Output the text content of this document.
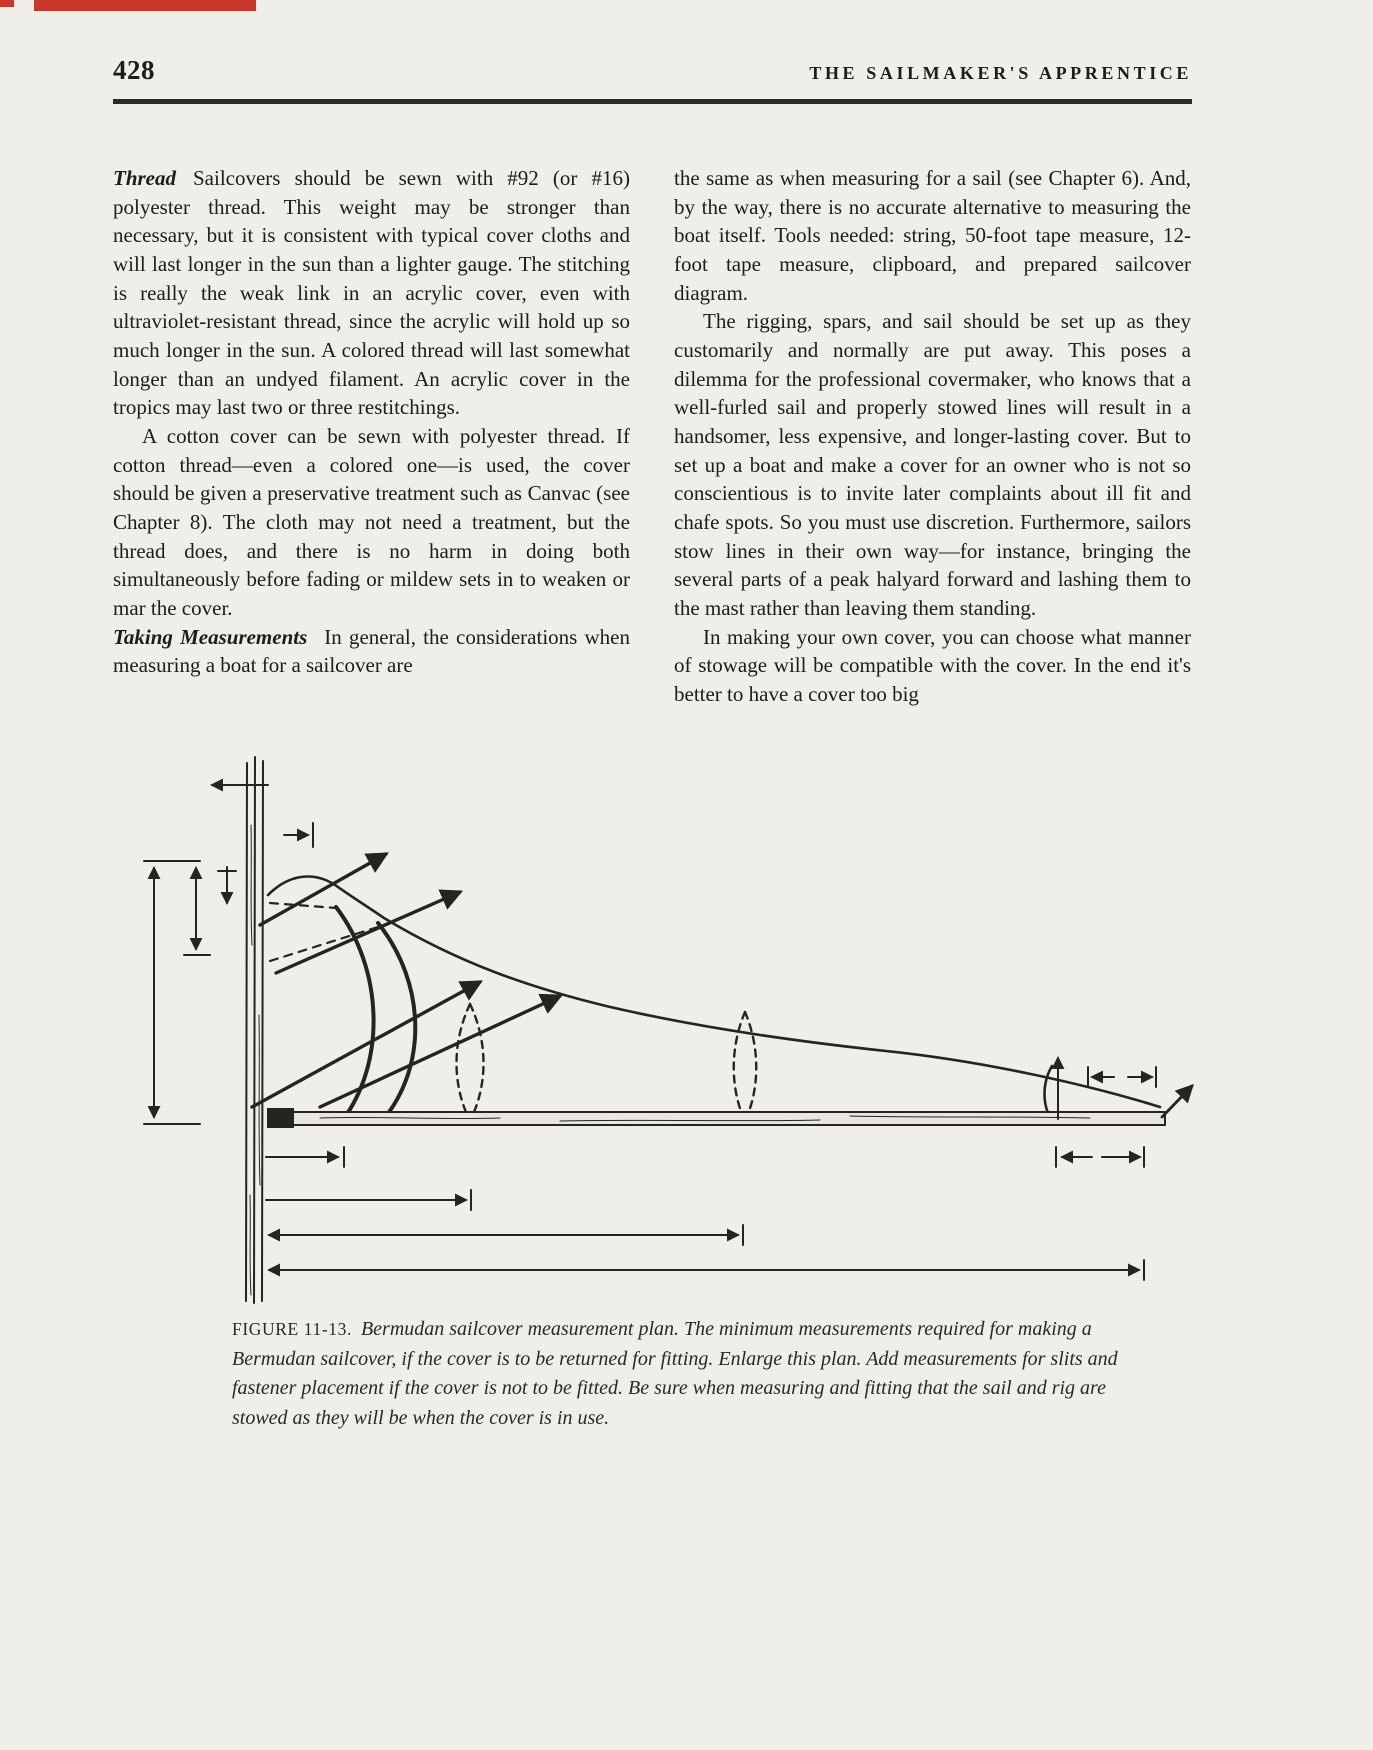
428	THE SAILMAKER'S APPRENTICE

Thread Sailcovers should be sewn with #92 (or #16) polyester thread. This weight may be stronger than necessary, but it is consistent with typical cover cloths and will last longer in the sun than a lighter gauge. The stitching is really the weak link in an acrylic cover, even with ultraviolet-resistant thread, since the acrylic will hold up so much longer in the sun. A colored thread will last somewhat longer than an undyed filament. An acrylic cover in the tropics may last two or three restitchings.

A cotton cover can be sewn with polyester thread. If cotton thread—even a colored one—is used, the cover should be given a preservative treatment such as Canvac (see Chapter 8). The cloth may not need a treatment, but the thread does, and there is no harm in doing both simultaneously before fading or mildew sets in to weaken or mar the cover.

Taking Measurements In general, the considerations when measuring a boat for a sailcover are

the same as when measuring for a sail (see Chapter 6). And, by the way, there is no accurate alternative to measuring the boat itself. Tools needed: string, 50-foot tape measure, 12-foot tape measure, clipboard, and prepared sailcover diagram.

The rigging, spars, and sail should be set up as they customarily and normally are put away. This poses a dilemma for the professional covermaker, who knows that a well-furled sail and properly stowed lines will result in a handsomer, less expensive, and longer-lasting cover. But to set up a boat and make a cover for an owner who is not so conscientious is to invite later complaints about ill fit and chafe spots. So you must use discretion. Furthermore, sailors stow lines in their own way—for instance, bringing the several parts of a peak halyard forward and lashing them to the mast rather than leaving them standing.

In making your own cover, you can choose what manner of stowage will be compatible with the cover. In the end it's better to have a cover too big

FIGURE 11-13. Bermudan sailcover measurement plan. The minimum measurements required for making a Bermudan sailcover, if the cover is to be returned for fitting. Enlarge this plan. Add measurements for slits and fastener placement if the cover is not to be fitted. Be sure when measuring and fitting that the sail and rig are stowed as they will be when the cover is in use.
